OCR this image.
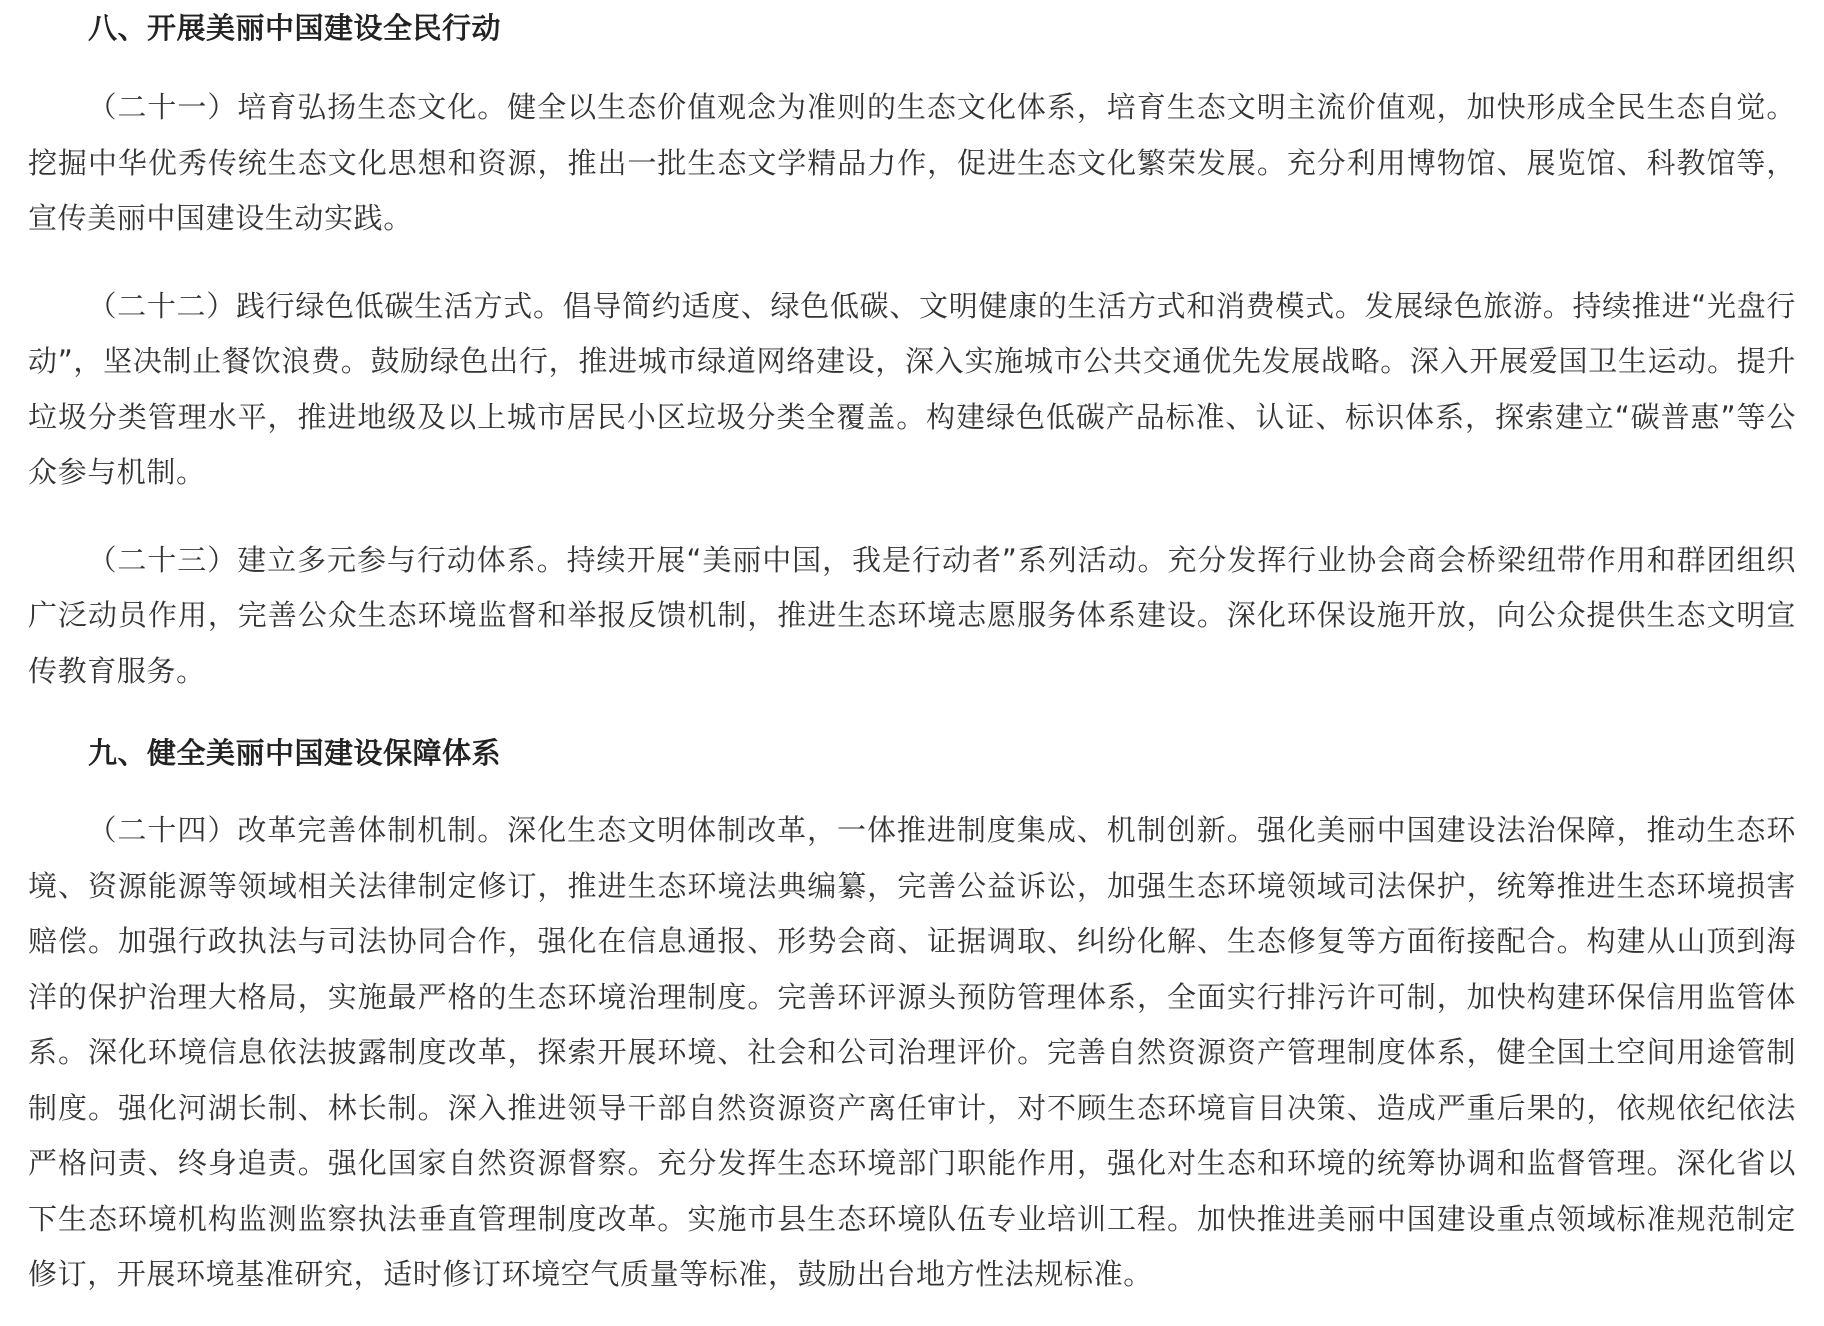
八、开展美丽中国建设全民行动

（二十一）培育弘扬生态文化。健全以生态价值观念为准则的生态文化体系，培育生态文明主流价值观，加快形成全民生态自觉。挖掘中华优秀传统生态文化思想和资源，推出一批生态文学精品力作，促进生态文化繁荣发展。充分利用博物馆、展览馆、科教馆等，宣传美丽中国建设生动实践。

（二十二）践行绿色低碳生活方式。倡导简约适度、绿色低碳、文明健康的生活方式和消费模式。发展绿色旅游。持续推进“光盘行动”，坚决制止餐饮浪费。鼓励绿色出行，推进城市绿道网络建设，深入实施城市公共交通优先发展战略。深入开展爱国卫生运动。提升垃圾分类管理水平，推进地级及以上城市居民小区垃圾分类全覆盖。构建绿色低碳产品标准、认证、标识体系，探索建立“碳普惠”等公众参与机制。

（二十三）建立多元参与行动体系。持续开展“美丽中国，我是行动者”系列活动。充分发挥行业协会商会桥梁纽带作用和群团组织广泛动员作用，完善公众生态环境监督和举报反馈机制，推进生态环境志愿服务体系建设。深化环保设施开放，向公众提供生态文明宣传教育服务。

九、健全美丽中国建设保障体系

（二十四）改革完善体制机制。深化生态文明体制改革，一体推进制度集成、机制创新。强化美丽中国建设法治保障，推动生态环境、资源能源等领域相关法律制定修订，推进生态环境法典编纂，完善公益诉讼，加强生态环境领域司法保护，统筹推进生态环境损害赔偿。加强行政执法与司法协同合作，强化在信息通报、形势会商、证据调取、纠纷化解、生态修复等方面衔接配合。构建从山顶到海洋的保护治理大格局，实施最严格的生态环境治理制度。完善环评源头预防管理体系，全面实行排污许可制，加快构建环保信用监管体系。深化环境信息依法披露制度改革，探索开展环境、社会和公司治理评价。完善自然资源资产管理制度体系，健全国土空间用途管制制度。强化河湖长制、林长制。深入推进领导干部自然资源资产离任审计，对不顾生态环境盲目决策、造成严重后果的，依规依纪依法严格问责、终身追责。强化国家自然资源督察。充分发挥生态环境部门职能作用，强化对生态和环境的统筹协调和监督管理。深化省以下生态环境机构监测监察执法垂直管理制度改革。实施市县生态环境队伍专业培训工程。加快推进美丽中国建设重点领域标准规范制定修订，开展环境基准研究，适时修订环境空气质量等标准，鼓励出台地方性法规标准。
